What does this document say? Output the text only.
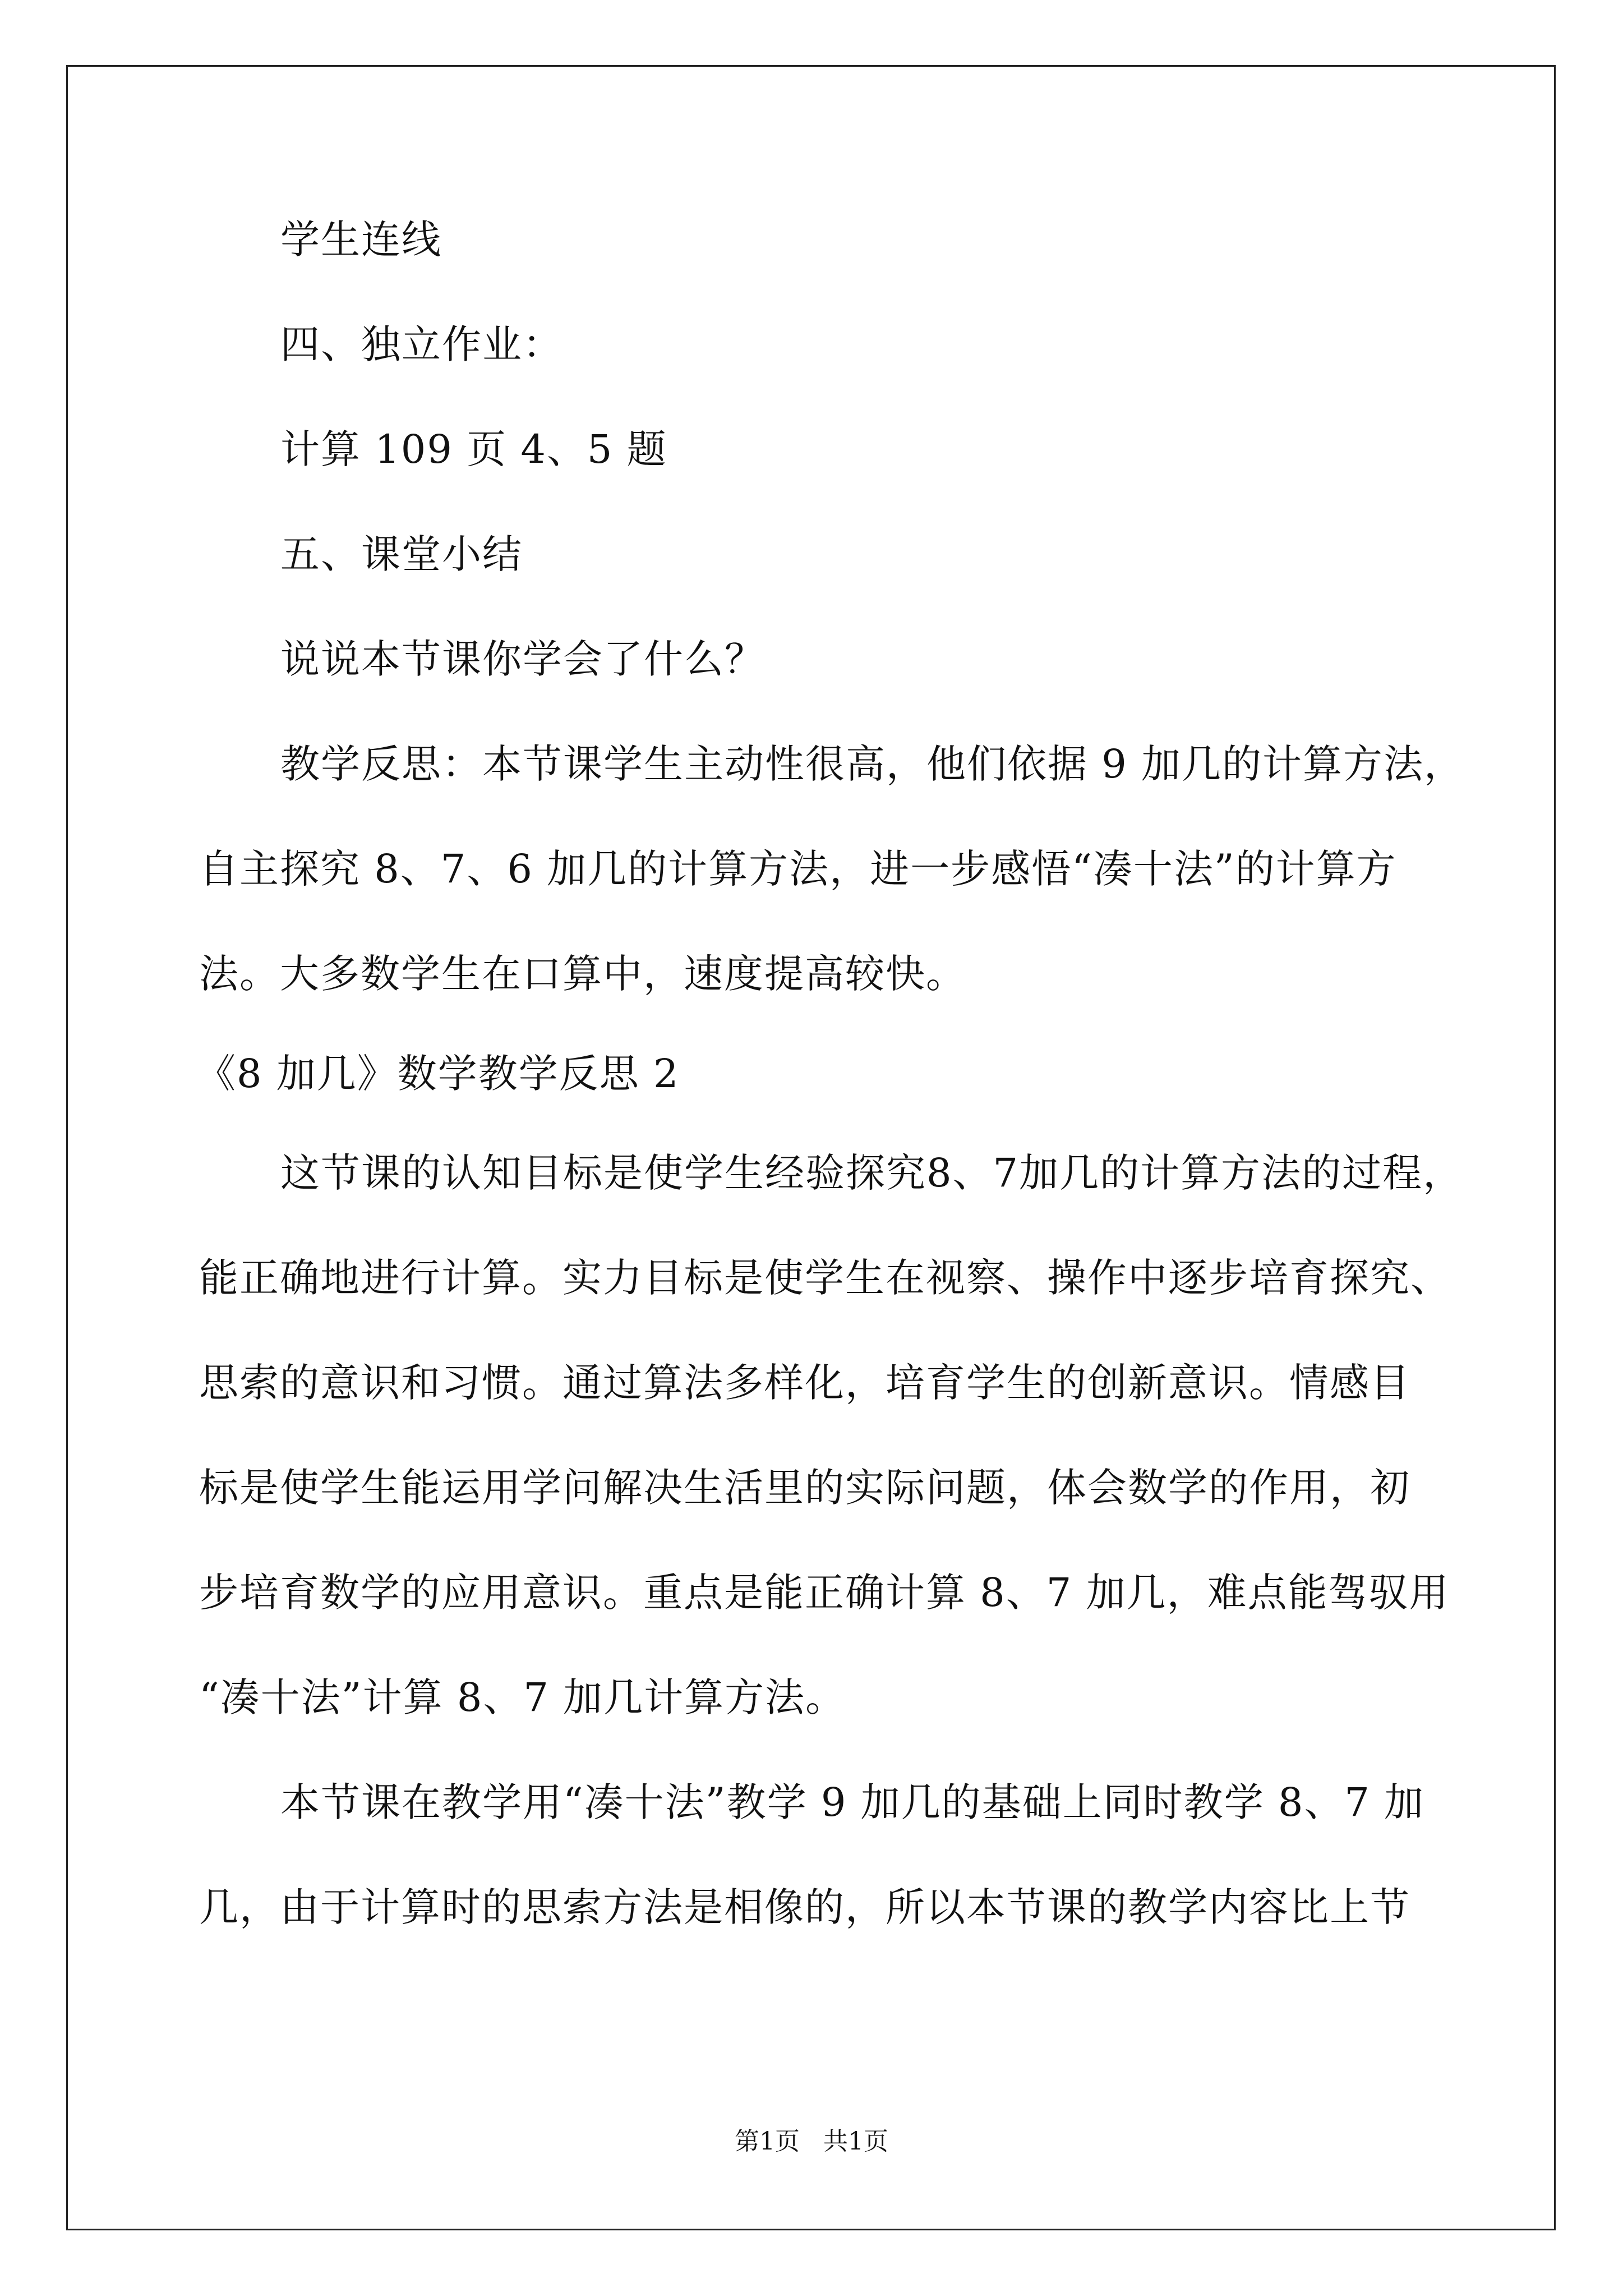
学生连线
四、独立作业：
计算 109 页 4、5 题
五、课堂小结
说说本节课你学会了什么？
教学反思：本节课学生主动性很高，他们依据 9 加几的计算方法，
自主探究 8、7、6 加几的计算方法，进一步感悟“凑十法”的计算方
法。大多数学生在口算中，速度提高较快。
《8 加几》数学教学反思 2
这节课的认知目标是使学生经验探究8、7加几的计算方法的过程，
能正确地进行计算。实力目标是使学生在视察、操作中逐步培育探究、
思索的意识和习惯。通过算法多样化，培育学生的创新意识。情感目
标是使学生能运用学问解决生活里的实际问题，体会数学的作用，初
步培育数学的应用意识。重点是能正确计算 8、7 加几，难点能驾驭用
“凑十法”计算 8、7 加几计算方法。
本节课在教学用“凑十法”教学 9 加几的基础上同时教学 8、7 加
几，由于计算时的思索方法是相像的，所以本节课的教学内容比上节
第1页   共1页
